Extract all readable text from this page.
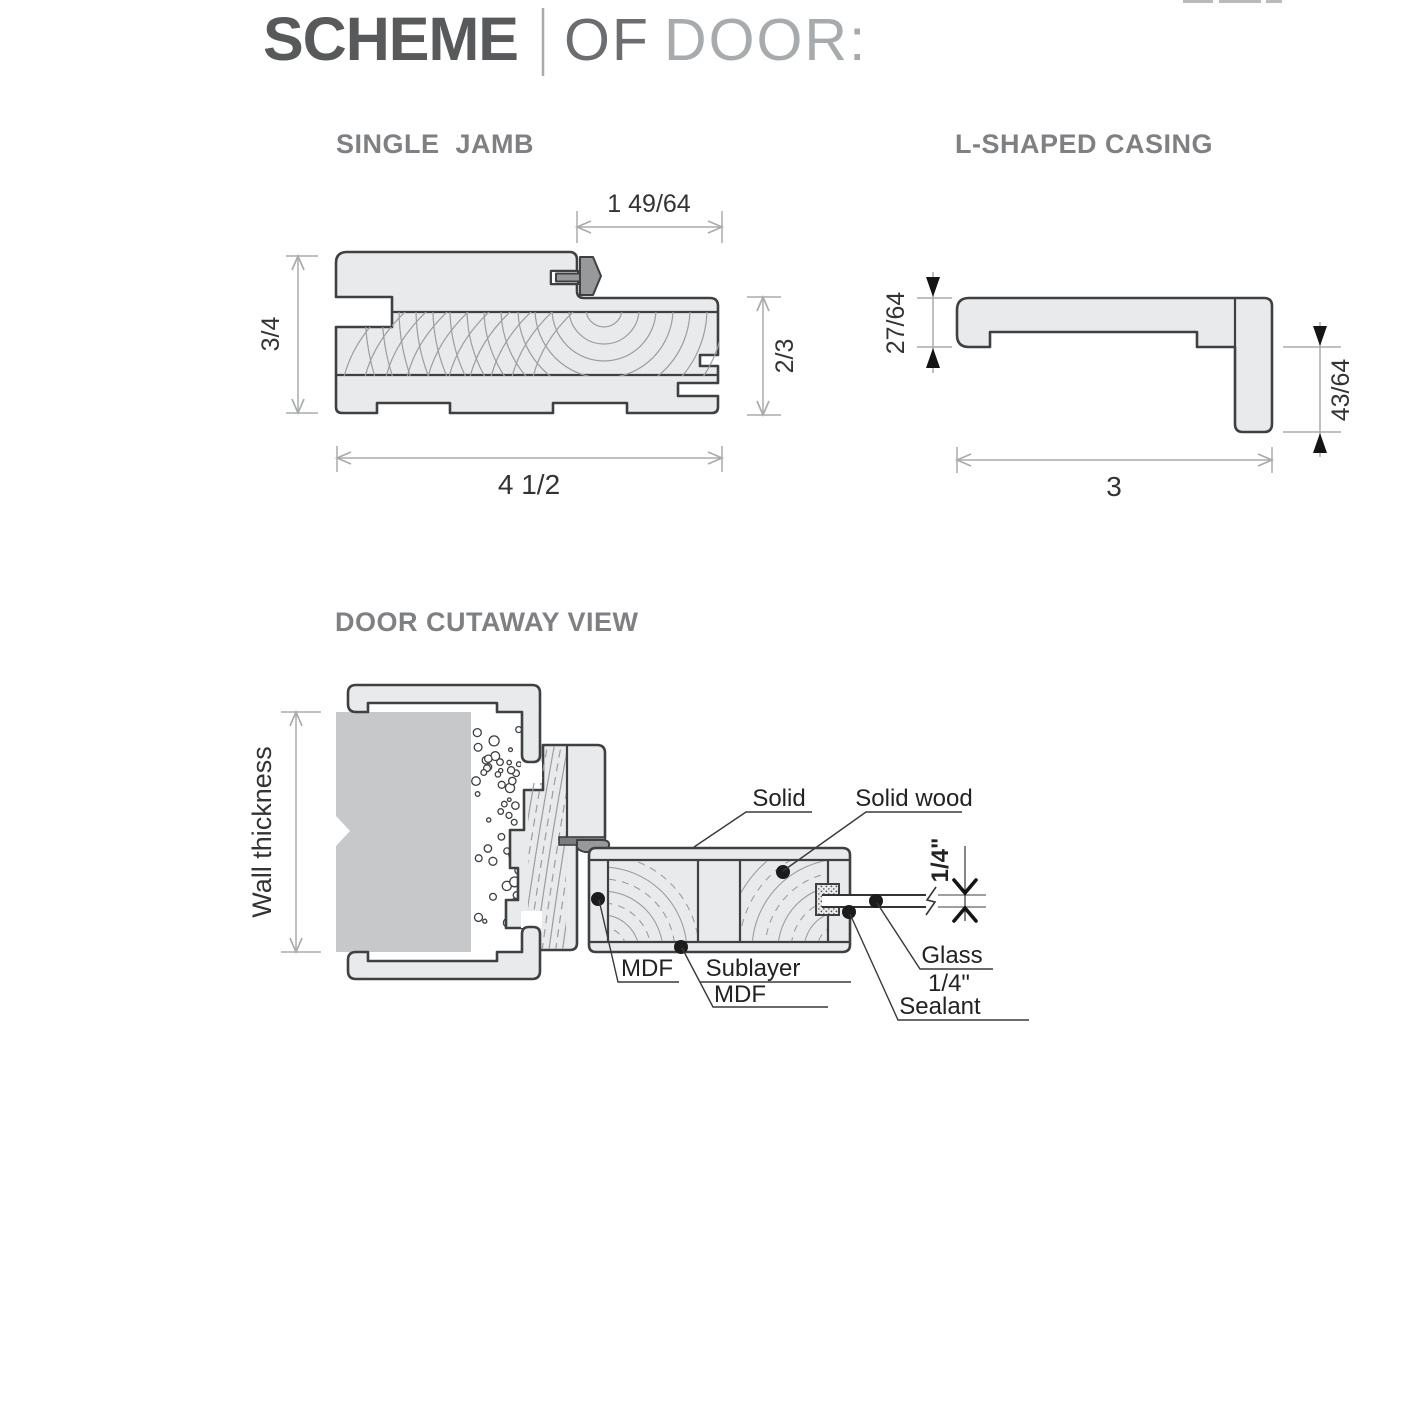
SCHEME OF DOOR:
SINGLE  JAMB
1 49/64
3/4
2/3
4 1/2
L-SHAPED CASING
27/64
43/64
3
DOOR CUTAWAY VIEW
1/4"
Wall thickness	Solid Solid wood
MDF Sublayer
MDF
Glass
1/4"
Sealant
